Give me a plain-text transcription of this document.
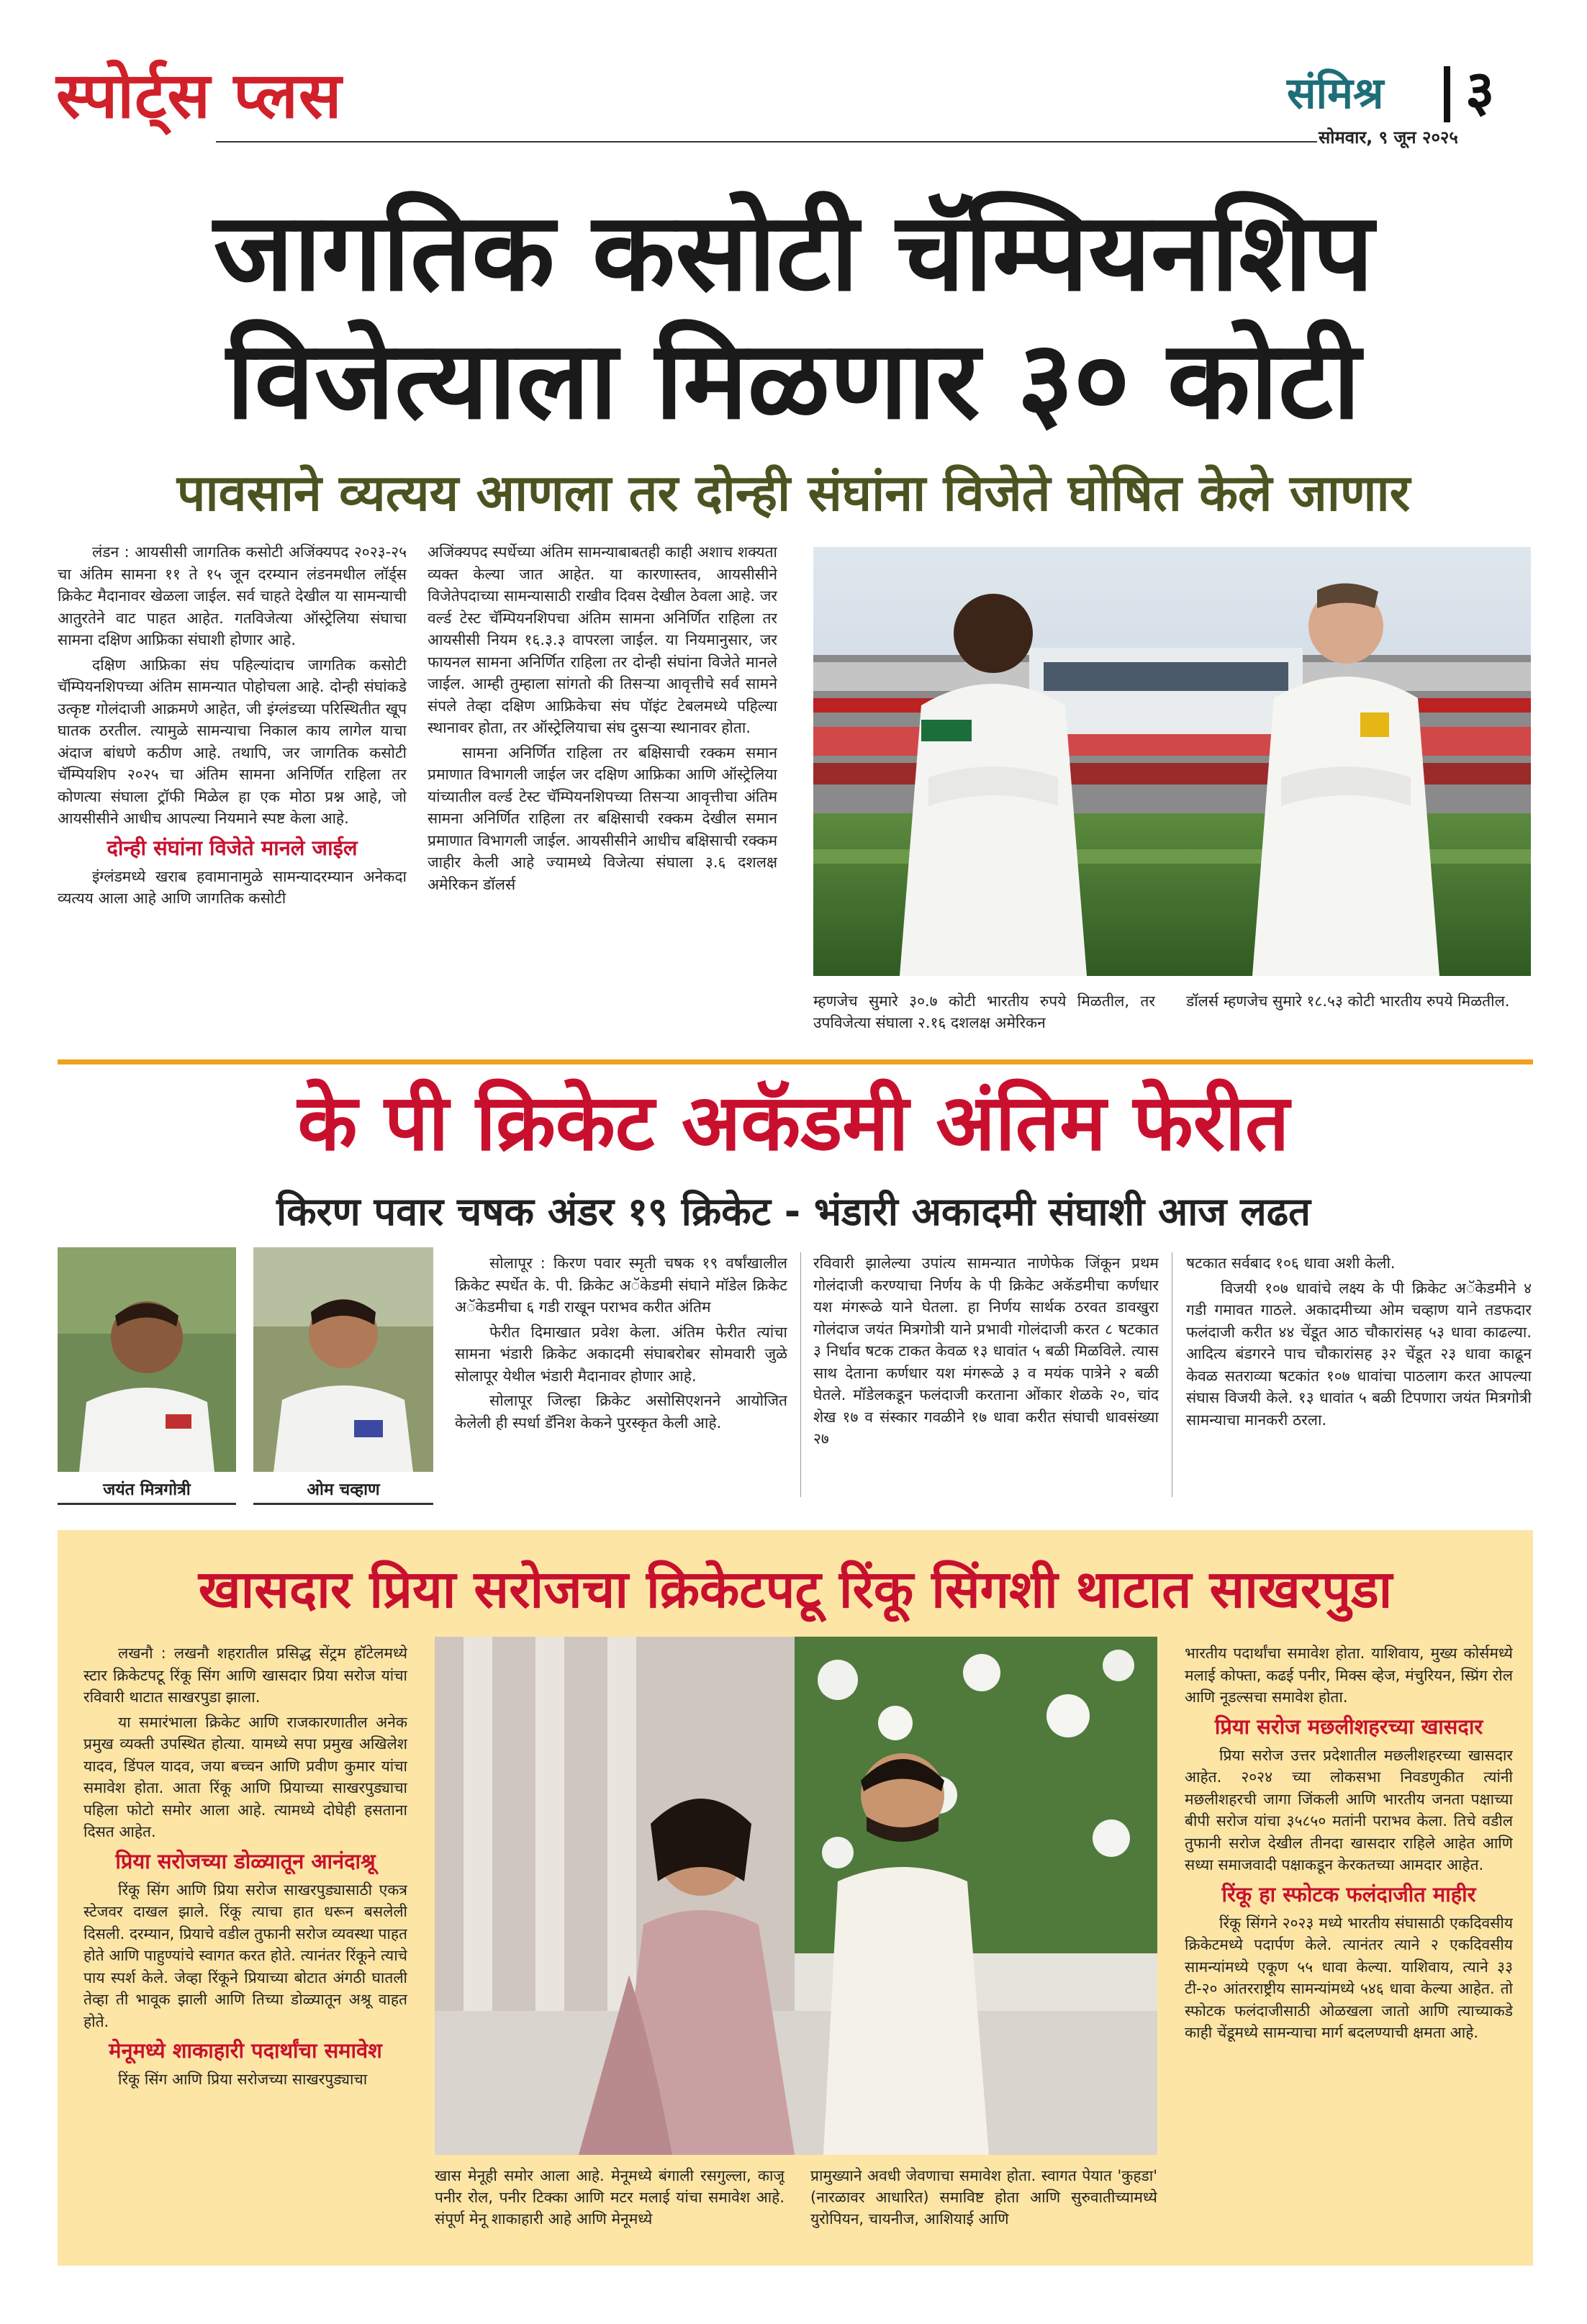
स्पोर्ट्स प्लस	संमिश्र ३
सोमवार, ९ जून २०२५
जागतिक कसोटी चॅम्पियनशिप
विजेत्याला मिळणार ३० कोटी
पावसाने व्यत्यय आणला तर दोन्ही संघांना विजेते घोषित केले जाणार

लंडन : आयसीसी जागतिक कसोटी अजिंक्यपद २०२३-२५ चा अंतिम सामना ११ ते १५ जून दरम्यान लंडनमधील लॉर्ड्स क्रिकेट मैदानावर खेळला जाईल. सर्व चाहते देखील या सामन्याची आतुरतेने वाट पाहत आहेत. गतविजेत्या ऑस्ट्रेलिया संघाचा सामना दक्षिण आफ्रिका संघाशी होणार आहे.

दक्षिण आफ्रिका संघ पहिल्यांदाच जागतिक कसोटी चॅम्पियनशिपच्या अंतिम सामन्यात पोहोचला आहे. दोन्ही संघांकडे उत्कृष्ट गोलंदाजी आक्रमणे आहेत, जी इंग्लंडच्या परिस्थितीत खूप घातक ठरतील. त्यामुळे सामन्याचा निकाल काय लागेल याचा अंदाज बांधणे कठीण आहे. तथापि, जर जागतिक कसोटी चॅम्पियशिप २०२५ चा अंतिम सामना अनिर्णित राहिला तर कोणत्या संघाला ट्रॉफी मिळेल हा एक मोठा प्रश्न आहे, जो आयसीसीने आधीच आपल्या नियमाने स्पष्ट केला आहे.

दोन्ही संघांना विजेते मानले जाईल

इंग्लंडमध्ये खराब हवामानामुळे सामन्यादरम्यान अनेकदा व्यत्यय आला आहे आणि जागतिक कसोटी

अजिंक्यपद स्पर्धेच्या अंतिम सामन्याबाबतही काही अशाच शक्यता व्यक्त केल्या जात आहेत. या कारणास्तव, आयसीसीने विजेतेपदाच्या सामन्यासाठी राखीव दिवस देखील ठेवला आहे. जर वर्ल्ड टेस्ट चॅम्पियनशिपचा अंतिम सामना अनिर्णित राहिला तर आयसीसी नियम १६.३.३ वापरला जाईल. या नियमानुसार, जर फायनल सामना अनिर्णित राहिला तर दोन्ही संघांना विजेते मानले जाईल. आम्ही तुम्हाला सांगतो की तिसऱ्या आवृत्तीचे सर्व सामने संपले तेव्हा दक्षिण आफ्रिकेचा संघ पॉइंट टेबलमध्ये पहिल्या स्थानावर होता, तर ऑस्ट्रेलियाचा संघ दुसऱ्या स्थानावर होता.

सामना अनिर्णित राहिला तर बक्षिसाची रक्कम समान प्रमाणात विभागली जाईल जर दक्षिण आफ्रिका आणि ऑस्ट्रेलिया यांच्यातील वर्ल्ड टेस्ट चॅम्पियनशिपच्या तिसऱ्या आवृत्तीचा अंतिम सामना अनिर्णित राहिला तर बक्षिसाची रक्कम देखील समान प्रमाणात विभागली जाईल. आयसीसीने आधीच बक्षिसाची रक्कम जाहीर केली आहे ज्यामध्ये विजेत्या संघाला ३.६ दशलक्ष अमेरिकन डॉलर्स

म्हणजेच सुमारे ३०.७ कोटी भारतीय रुपये मिळतील, तर उपविजेत्या संघाला २.१६ दशलक्ष अमेरिकन
डॉलर्स म्हणजेच सुमारे १८.५३ कोटी भारतीय रुपये मिळतील.
के पी क्रिकेट अकॅडमी अंतिम फेरीत
किरण पवार चषक अंडर १९ क्रिकेट - भंडारी अकादमी संघाशी आज लढत
जयंत मित्रगोत्री	ओम चव्हाण

सोलापूर : किरण पवार स्मृती चषक १९ वर्षांखालील क्रिकेट स्पर्धेत के. पी. क्रिकेट अॅकेडमी संघाने मॉडेल क्रिकेट अॅकेडमीचा ६ गडी राखून पराभव करीत अंतिम

फेरीत दिमाखात प्रवेश केला. अंतिम फेरीत त्यांचा सामना भंडारी क्रिकेट अकादमी संघाबरोबर सोमवारी जुळे सोलापूर येथील भंडारी मैदानावर होणार आहे.

सोलापूर जिल्हा क्रिकेट असोसिएशनने आयोजित केलेली ही स्पर्धा डॅनिश केकने पुरस्कृत केली आहे.

रविवारी झालेल्या उपांत्य सामन्यात नाणेफेक जिंकून प्रथम गोलंदाजी करण्याचा निर्णय के पी क्रिकेट अकॅडमीचा कर्णधार यश मंगरूळे याने घेतला. हा निर्णय सार्थक ठरवत डावखुरा गोलंदाज जयंत मित्रगोत्री याने प्रभावी गोलंदाजी करत ८ षटकात ३ निर्धाव षटक टाकत केवळ १३ धावांत ५ बळी मिळविले. त्यास साथ देताना कर्णधार यश मंगरूळे ३ व मयंक पात्रेने २ बळी घेतले. मॉडेलकडून फलंदाजी करताना ओंकार शेळके २०, चांद शेख १७ व संस्कार गवळीने १७ धावा करीत संघाची धावसंख्या २७

षटकात सर्वबाद १०६ धावा अशी केली.

विजयी १०७ धावांचे लक्ष्य के पी क्रिकेट अॅकेडमीने ४ गडी गमावत गाठले. अकादमीच्या ओम चव्हाण याने तडफदार फलंदाजी करीत ४४ चेंडूत आठ चौकारांसह ५३ धावा काढल्या. आदित्य बंडगरने पाच चौकारांसह ३२ चेंडूत २३ धावा काढून केवळ सतराव्या षटकांत १०७ धावांचा पाठलाग करत आपल्या संघास विजयी केले. १३ धावांत ५ बळी टिपणारा जयंत मित्रगोत्री सामन्याचा मानकरी ठरला.

खासदार प्रिया सरोजचा क्रिकेटपटू रिंकू सिंगशी थाटात साखरपुडा

लखनौ : लखनौ शहरातील प्रसिद्ध सेंट्रम हॉटेलमध्ये स्टार क्रिकेटपटू रिंकू सिंग आणि खासदार प्रिया सरोज यांचा रविवारी थाटात साखरपुडा झाला.

या समारंभाला क्रिकेट आणि राजकारणातील अनेक प्रमुख व्यक्ती उपस्थित होत्या. यामध्ये सपा प्रमुख अखिलेश यादव, डिंपल यादव, जया बच्चन आणि प्रवीण कुमार यांचा समावेश होता. आता रिंकू आणि प्रियाच्या साखरपुड्याचा पहिला फोटो समोर आला आहे. त्यामध्ये दोघेही हसताना दिसत आहेत.

प्रिया सरोजच्या डोळ्यातून आनंदाश्रू

रिंकू सिंग आणि प्रिया सरोज साखरपुड्यासाठी एकत्र स्टेजवर दाखल झाले. रिंकू त्याचा हात धरून बसलेली दिसली. दरम्यान, प्रियाचे वडील तुफानी सरोज व्यवस्था पाहत होते आणि पाहुण्यांचे स्वागत करत होते. त्यानंतर रिंकूने त्याचे पाय स्पर्श केले. जेव्हा रिंकूने प्रियाच्या बोटात अंगठी घातली तेव्हा ती भावूक झाली आणि तिच्या डोळ्यातून अश्रू वाहत होते.

मेनूमध्ये शाकाहारी पदार्थांचा समावेश

रिंकू सिंग आणि प्रिया सरोजच्या साखरपुड्याचा

खास मेनूही समोर आला आहे. मेनूमध्ये बंगाली रसगुल्ला, काजू पनीर रोल, पनीर टिक्का आणि मटर मलाई यांचा समावेश आहे. संपूर्ण मेनू शाकाहारी आहे आणि मेनूमध्ये
प्रामुख्याने अवधी जेवणाचा समावेश होता. स्वागत पेयात 'कुहडा' (नारळावर आधारित) समाविष्ट होता आणि सुरुवातीच्यामध्ये युरोपियन, चायनीज, आशियाई आणि

भारतीय पदार्थांचा समावेश होता. याशिवाय, मुख्य कोर्समध्ये मलाई कोफ्ता, कढई पनीर, मिक्स व्हेज, मंचुरियन, स्प्रिंग रोल आणि नूडल्सचा समावेश होता.

प्रिया सरोज मछलीशहरच्या खासदार

प्रिया सरोज उत्तर प्रदेशातील मछलीशहरच्या खासदार आहेत. २०२४ च्या लोकसभा निवडणुकीत त्यांनी मछलीशहरची जागा जिंकली आणि भारतीय जनता पक्षाच्या बीपी सरोज यांचा ३५८५० मतांनी पराभव केला. तिचे वडील तुफानी सरोज देखील तीनदा खासदार राहिले आहेत आणि सध्या समाजवादी पक्षाकडून केरकतच्या आमदार आहेत.

रिंकू हा स्फोटक फलंदाजीत माहीर

रिंकू सिंगने २०२३ मध्ये भारतीय संघासाठी एकदिवसीय क्रिकेटमध्ये पदार्पण केले. त्यानंतर त्याने २ एकदिवसीय सामन्यांमध्ये एकूण ५५ धावा केल्या. याशिवाय, त्याने ३३ टी-२० आंतरराष्ट्रीय सामन्यांमध्ये ५४६ धावा केल्या आहेत. तो स्फोटक फलंदाजीसाठी ओळखला जातो आणि त्याच्याकडे काही चेंडूमध्ये सामन्याचा मार्ग बदलण्याची क्षमता आहे.
